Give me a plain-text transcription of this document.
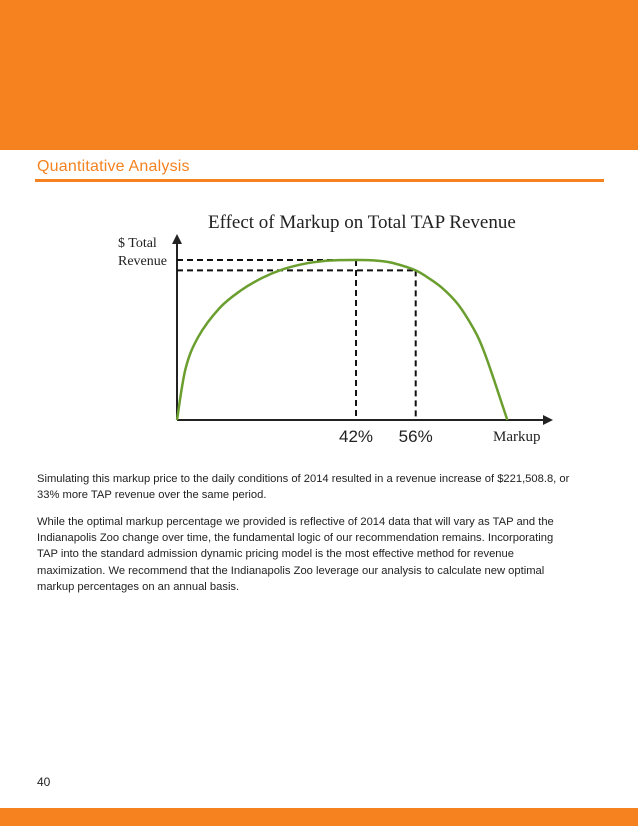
Quantitative Analysis
Effect of Markup on Total TAP Revenue
$ Total
Revenue
Markup
42% 56%
Simulating this markup price to the daily conditions of 2014 resulted in a revenue increase of $221,508.8, or
33% more TAP revenue over the same period.
While the optimal markup percentage we provided is reflective of 2014 data that will vary as TAP and the
Indianapolis Zoo change over time, the fundamental logic of our recommendation remains. Incorporating
TAP into the standard admission dynamic pricing model is the most effective method for revenue
maximization. We recommend that the Indianapolis Zoo leverage our analysis to calculate new optimal
markup percentages on an annual basis.
40
